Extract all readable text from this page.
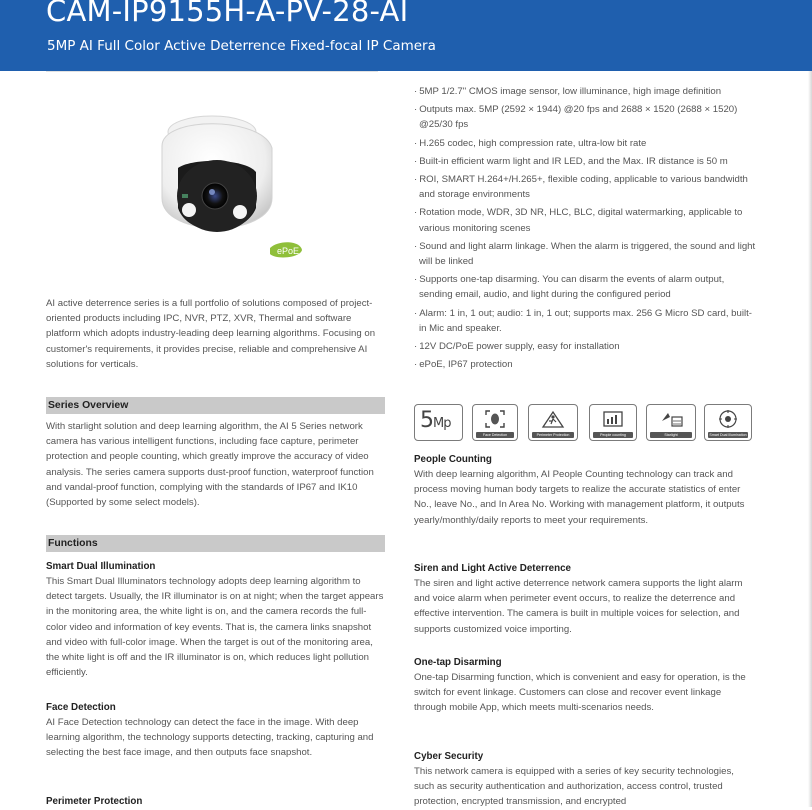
CAM-IP9155H-A-PV-28-AI
5MP AI Full Color Active Deterrence Fixed-focal IP Camera
ePoE
AI active deterrence series is a full portfolio of solutions composed of project-oriented products including IPC, NVR, PTZ, XVR, Thermal and software platform which adopts industry-leading deep learning algorithms. Focusing on customer's requirements, it provides precise, reliable and comprehensive AI solutions for verticals.
Series Overview
With starlight solution and deep learning algorithm, the AI 5 Series network camera has various intelligent functions, including face capture, perimeter protection and people counting, which greatly improve the accuracy of video analysis. The series camera supports dust-proof function, waterproof function and vandal-proof function, complying with the standards of IP67 and IK10 (Supported by some select models).
Functions
Smart Dual Illumination
This Smart Dual Illuminators technology adopts deep learning algorithm to detect targets. Usually, the IR illuminator is on at night; when the target appears in the monitoring area, the white light is on, and the camera records the full-color video and information of key events. That is, the camera links snapshot and video with full-color image. When the target is out of the monitoring area, the white light is off and the IR illuminator is on, which reduces light pollution efficiently.
Face Detection
AI Face Detection technology can detect the face in the image. With deep learning algorithm, the technology supports detecting, tracking, capturing and selecting the best face image, and then outputs face snapshot.
Perimeter Protection
· 5MP 1/2.7" CMOS image sensor, low illuminance, high image definition
· Outputs max. 5MP (2592 × 1944) @20 fps and 2688 × 1520 (2688 × 1520) @25/30 fps
· H.265 codec, high compression rate, ultra-low bit rate
· Built-in efficient warm light and IR LED, and the Max. IR distance is 50 m
· ROI, SMART H.264+/H.265+, flexible coding, applicable to various bandwidth and storage environments
· Rotation mode, WDR, 3D NR, HLC, BLC, digital watermarking, applicable to various monitoring scenes
· Sound and light alarm linkage. When the alarm is triggered, the sound and light will be linked
· Supports one-tap disarming. You can disarm the events of alarm output, sending email, audio, and light during the configured period
· Alarm: 1 in, 1 out; audio: 1 in, 1 out; supports max. 256 G Micro SD card, built-in Mic and speaker.
· 12V DC/PoE power supply, easy for installation
· ePoE, IP67 protection
5Mp
Face Detection	Perimeter Protection	People counting	Starlight	Smart Dual Illumination
People Counting
With deep learning algorithm, AI People Counting technology can track and process moving human body targets to realize the accurate statistics of enter No., leave No., and In Area No. Working with management platform, it outputs yearly/monthly/daily reports to meet your requirements.
Siren and Light Active Deterrence
The siren and light active deterrence network camera supports the light alarm and voice alarm when perimeter event occurs, to realize the deterrence and effective intervention. The camera is built in multiple voices for selection, and supports customized voice importing.
One-tap Disarming
One-tap Disarming function, which is convenient and easy for operation, is the switch for event linkage. Customers can close and recover event linkage through mobile App, which meets multi-scenarios needs.
Cyber Security
This network camera is equipped with a series of key security technologies, such as security authentication and authorization, access control, trusted protection, encrypted transmission, and encrypted
